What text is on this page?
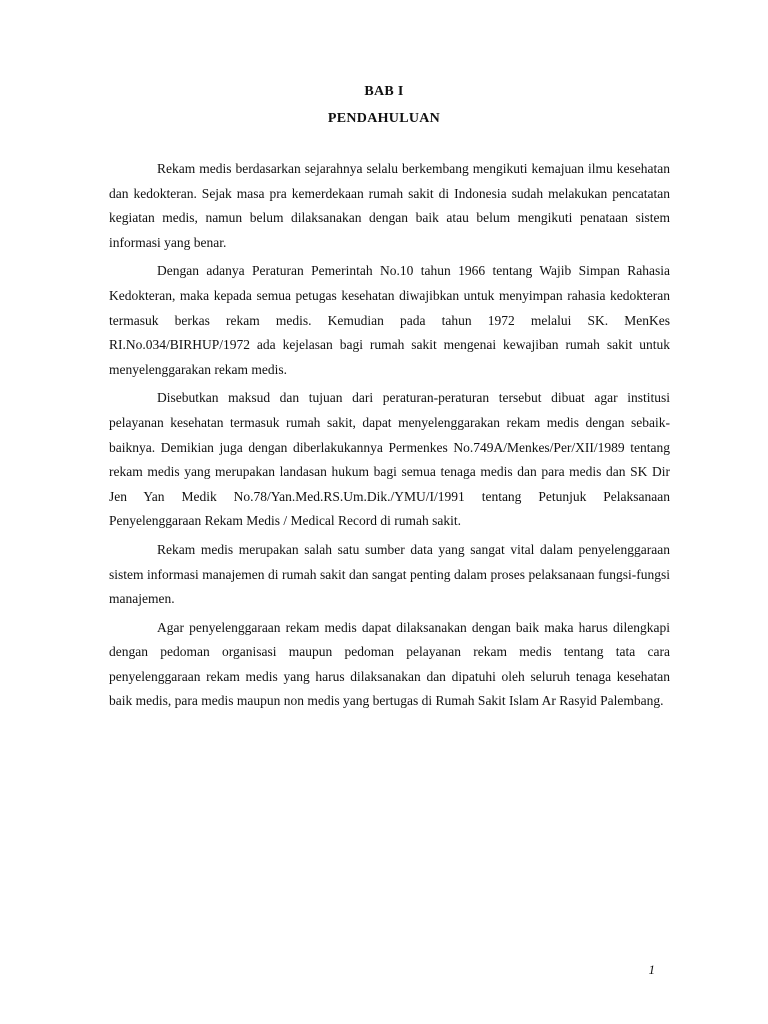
BAB I
PENDAHULUAN

Rekam medis berdasarkan sejarahnya selalu berkembang mengikuti kemajuan ilmu kesehatan dan kedokteran. Sejak masa pra kemerdekaan rumah sakit di Indonesia sudah melakukan pencatatan kegiatan medis, namun belum dilaksanakan dengan baik atau belum mengikuti penataan sistem informasi yang benar.

Dengan adanya Peraturan Pemerintah No.10 tahun 1966 tentang Wajib Simpan Rahasia Kedokteran, maka kepada semua petugas kesehatan diwajibkan untuk menyimpan rahasia kedokteran termasuk berkas rekam medis. Kemudian pada tahun 1972 melalui SK. MenKes RI.No.034/BIRHUP/1972 ada kejelasan bagi rumah sakit mengenai kewajiban rumah sakit untuk menyelenggarakan rekam medis.

Disebutkan maksud dan tujuan dari peraturan-peraturan tersebut dibuat agar institusi pelayanan kesehatan termasuk rumah sakit, dapat menyelenggarakan rekam medis dengan sebaik-baiknya. Demikian juga dengan diberlakukannya Permenkes No.749A/Menkes/Per/XII/1989 tentang rekam medis yang merupakan landasan hukum bagi semua tenaga medis dan para medis dan SK Dir Jen Yan Medik No.78/Yan.Med.RS.Um.Dik./YMU/I/1991 tentang Petunjuk Pelaksanaan Penyelenggaraan Rekam Medis / Medical Record di rumah sakit.

Rekam medis merupakan salah satu sumber data yang sangat vital dalam penyelenggaraan sistem informasi manajemen di rumah sakit dan sangat penting dalam proses pelaksanaan fungsi-fungsi manajemen.

Agar penyelenggaraan rekam medis dapat dilaksanakan dengan baik maka harus dilengkapi dengan pedoman organisasi maupun pedoman pelayanan rekam medis tentang tata cara penyelenggaraan rekam medis yang harus dilaksanakan dan dipatuhi oleh seluruh tenaga kesehatan baik medis, para medis maupun non medis yang bertugas di Rumah Sakit Islam Ar Rasyid Palembang.

1
